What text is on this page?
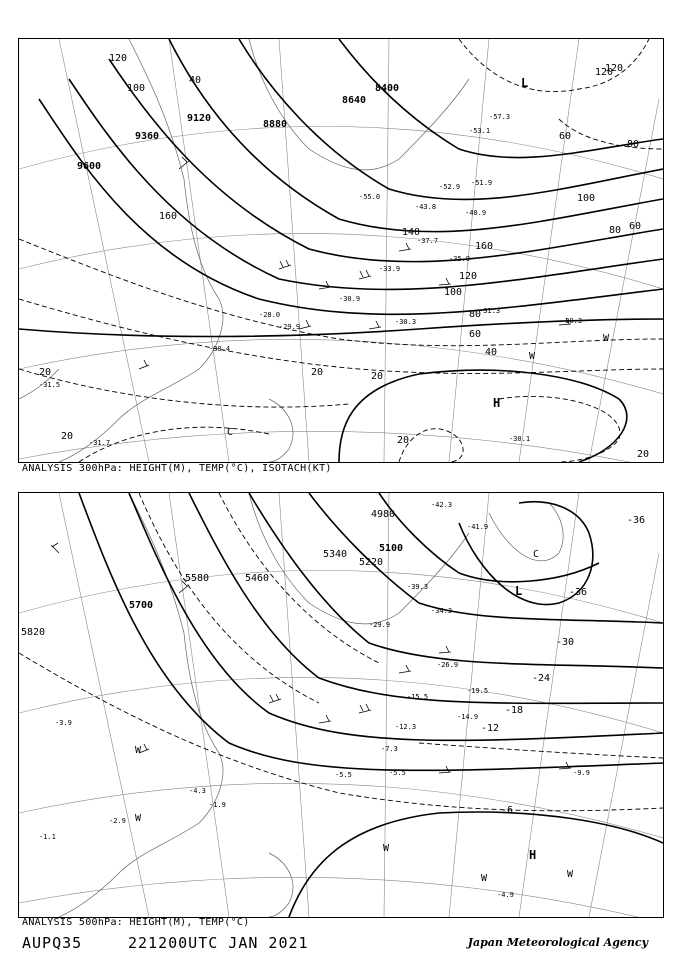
9600
9360
9120
8880
8640
8400
120
100
120
40
160
140
120
100
80
60
40
20	20
20	20
120
80
60
100
80 60
20
160
20
-29.9
-30.9
-30.3
-30.4
-31.5
-31.7
-52.9 -51.9
-30.1
-35.9
-37.7
-40.9
-43.8
-53.1
-57.3
-55.0
-33.9
-31.3
-28.0
-30.3
H
L
C
W
W
ANALYSIS 300hPa: HEIGHT(M), TEMP(°C), ISOTACH(KT)
5700
5580	5460
5340
5220
5100
4980
5820
-36
-36
-30
-24
-18
-12
-6
-42.3
-41.9
-39.3
-34.3
-29.9
-26.9
-19.5
-15.5
-14.9
-12.3
-9.9
-7.3
-5.5
-4.3
-4.9
-1.9
-3.9
-5.5
-2.9
-1.1
H
L
C
W
W
W
W
W
ANALYSIS 500hPa: HEIGHT(M), TEMP(°C)
AUPQ35	221200UTC JAN 2021	Japan Meteorological Agency
